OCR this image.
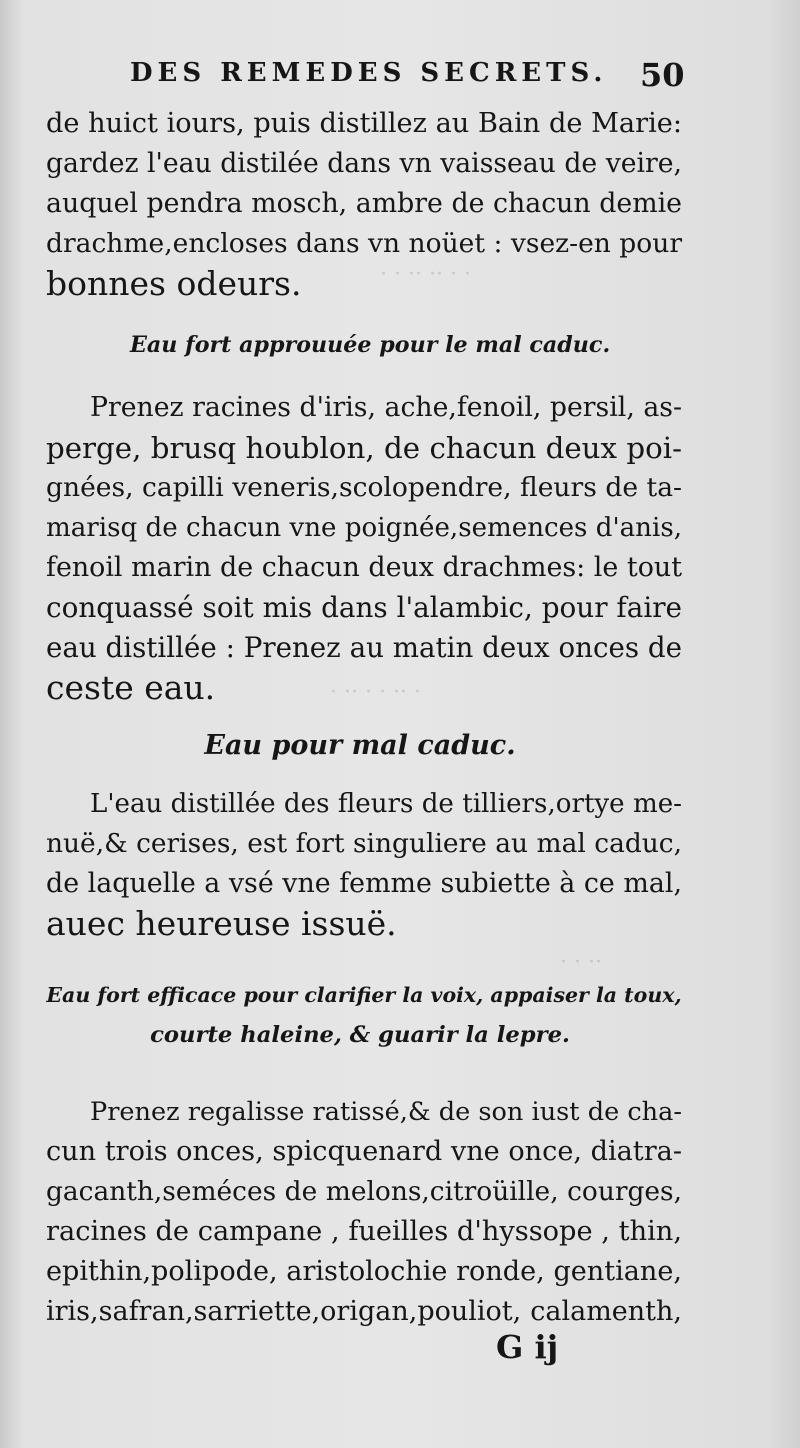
· · ·· ·· · ·
· ·· · · ·· ·
·· · ·
DES REMEDES SECRETS. 50
de huict iours, puis distillez au Bain de Marie:
gardez l'eau distilée dans vn vaisseau de veire,
auquel pendra mosch, ambre de chacun demie
drachme,encloses dans vn noüet : vsez-en pour
bonnes odeurs.
Eau fort approuuée pour le mal caduc.
Prenez racines d'iris, ache,fenoil, persil, as-
perge, brusq houblon, de chacun deux poi-
gnées, capilli veneris,scolopendre, fleurs de ta-
marisq de chacun vne poignée,semences d'anis,
fenoil marin de chacun deux drachmes: le tout
conquassé soit mis dans l'alambic, pour faire
eau distillée : Prenez au matin deux onces de
ceste eau.
Eau pour mal caduc.
L'eau distillée des fleurs de tilliers,ortye me-
nuë,& cerises, est fort singuliere au mal caduc,
de laquelle a vsé vne femme subiette à ce mal,
auec heureuse issuë.
Eau fort efficace pour clarifier la voix, appaiser la toux,
courte haleine, & guarir la lepre.
Prenez regalisse ratissé,& de son iust de cha-
cun trois onces, spicquenard vne once, diatra-
gacanth,seméces de melons,citroüille, courges,
racines de campane , fueilles d'hyssope , thin,
epithin,polipode, aristolochie ronde, gentiane,
iris,safran,sarriette,origan,pouliot, calamenth,
G ij
